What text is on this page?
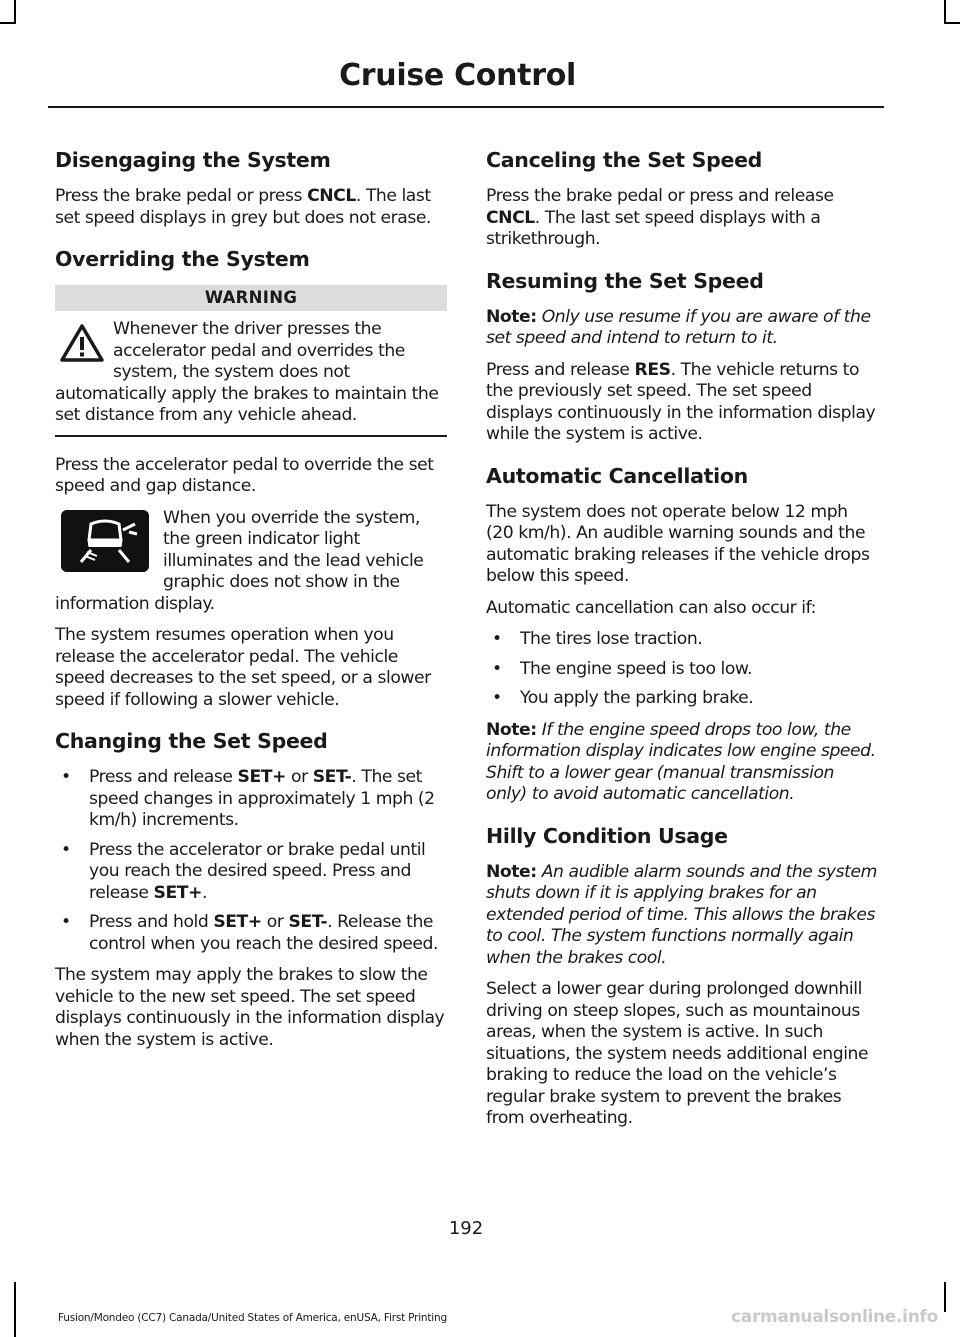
Cruise Control
Disengaging the System

Press the brake pedal or press CNCL. The last set speed displays in grey but does not erase.

Overriding the System
WARNING
Whenever the driver presses the accelerator pedal and overrides the system, the system does not automatically apply the brakes to maintain the set distance from any vehicle ahead.

Press the accelerator pedal to override the set speed and gap distance.

When you override the system, the green indicator light illuminates and the lead vehicle graphic does not show in the information display.

The system resumes operation when you release the accelerator pedal. The vehicle speed decreases to the set speed, or a slower speed if following a slower vehicle.

Changing the Set Speed
• Press and release SET+ or SET-. The set speed changes in approximately 1 mph (2 km/h) increments.
• Press the accelerator or brake pedal until you reach the desired speed. Press and release SET+.
• Press and hold SET+ or SET-. Release the control when you reach the desired speed.

The system may apply the brakes to slow the vehicle to the new set speed. The set speed displays continuously in the information display when the system is active.

Canceling the Set Speed

Press the brake pedal or press and release CNCL. The last set speed displays with a strikethrough.

Resuming the Set Speed

Note: Only use resume if you are aware of the set speed and intend to return to it.

Press and release RES. The vehicle returns to the previously set speed. The set speed displays continuously in the information display while the system is active.

Automatic Cancellation

The system does not operate below 12 mph (20 km/h). An audible warning sounds and the automatic braking releases if the vehicle drops below this speed.

Automatic cancellation can also occur if:

• The tires lose traction.
• The engine speed is too low.
• You apply the parking brake.

Note: If the engine speed drops too low, the information display indicates low engine speed. Shift to a lower gear (manual transmission only) to avoid automatic cancellation.

Hilly Condition Usage

Note: An audible alarm sounds and the system shuts down if it is applying brakes for an extended period of time. This allows the brakes to cool. The system functions normally again when the brakes cool.

Select a lower gear during prolonged downhill driving on steep slopes, such as mountainous areas, when the system is active. In such situations, the system needs additional engine braking to reduce the load on the vehicle’s regular brake system to prevent the brakes from overheating.

192
Fusion/Mondeo (CC7) Canada/United States of America, enUSA, First Printing	carmanualsonline.info
